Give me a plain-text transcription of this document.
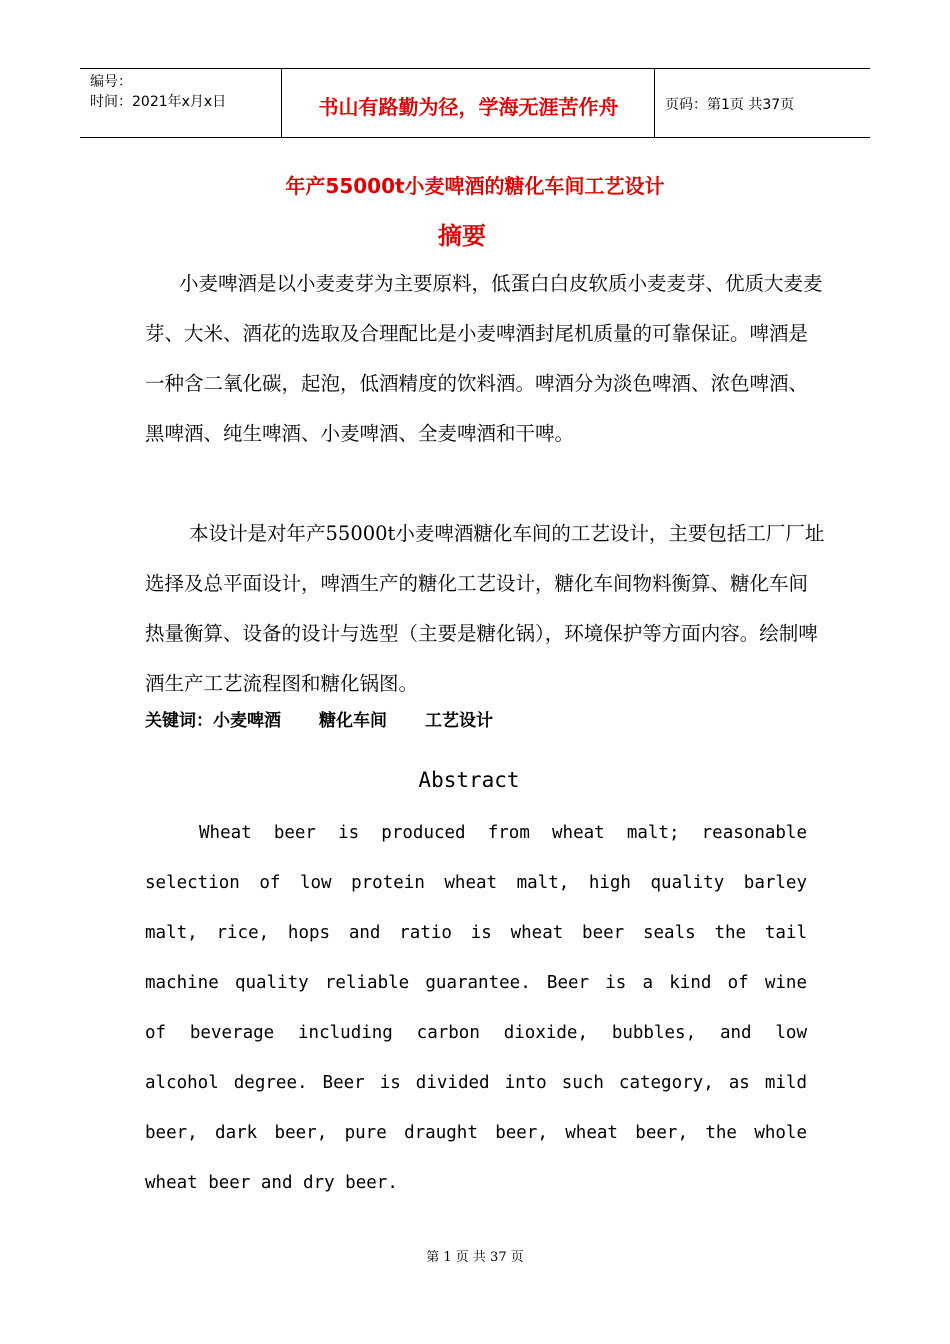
编号：
时间：2021年x月x日	书山有路勤为径，学海无涯苦作舟	页码：第1页 共37页
年产55000t小麦啤酒的糖化车间工艺设计
摘要
小麦啤酒是以小麦麦芽为主要原料，低蛋白白皮软质小麦麦芽、优质大麦麦芽、大米、酒花的选取及合理配比是小麦啤酒封尾机质量的可靠保证。啤酒是一种含二氧化碳，起泡，低酒精度的饮料酒。啤酒分为淡色啤酒、浓色啤酒、黑啤酒、纯生啤酒、小麦啤酒、全麦啤酒和干啤。
本设计是对年产55000t小麦啤酒糖化车间的工艺设计，主要包括工厂厂址选择及总平面设计，啤酒生产的糖化工艺设计，糖化车间物料衡算、糖化车间热量衡算、设备的设计与选型（主要是糖化锅），环境保护等方面内容。绘制啤酒生产工艺流程图和糖化锅图。
关键词：小麦啤酒 糖化车间 工艺设计
Abstract
Wheat beer is produced from wheat malt; reasonable
selection of low protein wheat malt, high quality barley
malt, rice, hops and ratio is wheat beer seals the tail
machine quality reliable guarantee. Beer is a kind of wine
of beverage including carbon dioxide, bubbles, and low
alcohol degree. Beer is divided into such category, as mild
beer, dark beer, pure draught beer, wheat beer, the whole
wheat beer and dry beer.
第 1 页 共 37 页
